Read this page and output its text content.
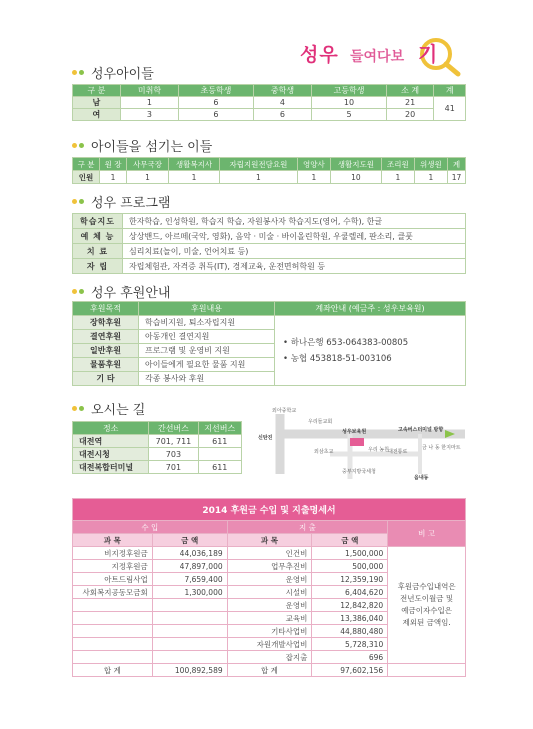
성우 들여다보 기
성우아이들
구 분	미취학	초등학생	중학생	고등학생	소 계	계
남	1	6	4	10	21	41
여	3	6	6	5	20	
아이들을 섬기는 이들
구 분	원 장	사무국장	생활복지사	자립지원전담요원	영양사	생활지도원	조리원	위생원	계
인원	1	1	1	1	1	10	1	1	17
성우 프로그램
학습지도	한자학습, 인성학원, 학습지 학습, 자원봉사자 학습지도(영어, 수학), 한글
예 체 능	상상밴드, 아르떼(국악, 영화), 음악 · 미술 · 바이올린학원, 우쿨렐레, 판소리, 클풋
치 료	심리치료(놀이, 미술, 언어치료 등)
자 립	자립체험관, 자격증 취득(IT), 경제교육, 운전면허학원 등
성우 후원안내
후원목적	후원내용	계좌안내 (예금주 : 성우보육원)
장학후원	학습비지원, 퇴소자립지원	• 하나은행 653-064383-00805
• 농협 453818-51-003106

결연후원	아동개인 결연지원	
일반후원	프로그램 및 운영비 지원	
물품후원	아이들에게 필요한 물품 지원	
기 타	각종 봉사와 후원	
오시는 길
정소	간선버스	지선버스
대전역	701, 711	611
대전시청	703	
대전복합터미널	701	611
외아중학교
우리들교회
성우보육원	고속버스터미널 방향
신탄진
외삼초교	우리 농원 대전통로
금 나 동 한지마트
중부지방국세청
읍내동
2014 후원금 수입 및 지출명세서				
수 입		지 출		비 고
과 목	금 액	과 목	금 액	
비지정후원금	44,036,189	인건비	1,500,000	후원금수입내역은
전년도이월금 및
예금이자수입은
제외된 금액임.

지정후원금	47,897,000	업무추진비	500,000	
아트드림사업	7,659,400	운영비	12,359,190	
사회복지공동모금회	1,300,000	시설비	6,404,620	
		운영비	12,842,820	
		교육비	13,386,040	
		기타사업비	44,880,480	
		자원개발사업비	5,728,310	
		잡지출	696	
합 계	100,892,589	합 계	97,602,156	
